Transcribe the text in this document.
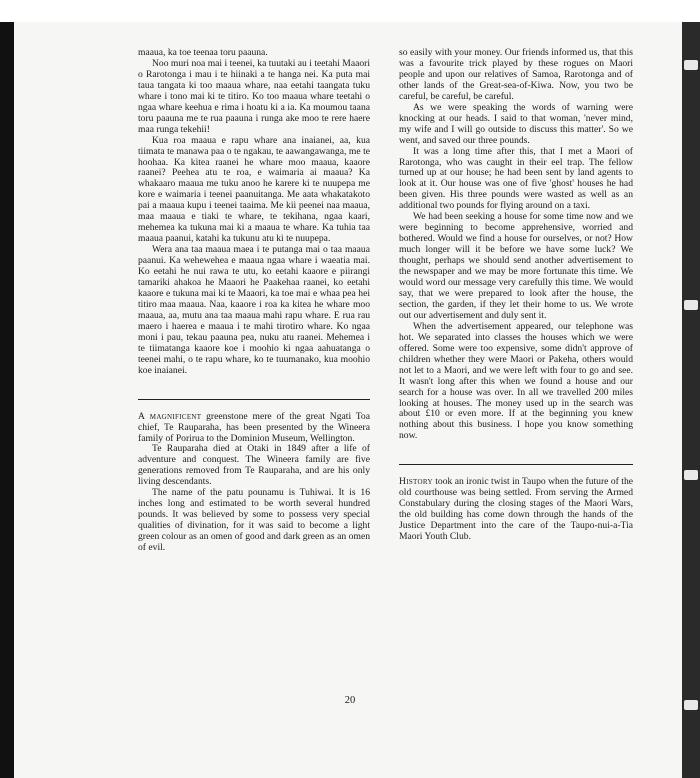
maaua, ka toe teenaa toru paauna.

Noo muri noa mai i teenei, ka tuutaki au i teetahi Maaori o Rarotonga i mau i te hiinaki a te hanga nei. Ka puta mai taua tangata ki too maaua whare, naa eetahi taangata tuku whare i tono mai ki te titiro. Ko too maaua whare teetahi o ngaa whare keehua e rima i hoatu ki a ia. Ka moumou taana toru paauna me te rua paauna i runga ake moo te rere haere maa runga tekehii!

Kua roa maaua e rapu whare ana inaianei, aa, kua tiimata te manawa paa o te ngakau, te aawangawanga, me te hoohaa. Ka kitea raanei he whare moo maaua, kaaore raanei? Peehea atu te roa, e waimaria ai maaua? Ka whakaaro maaua me tuku anoo he karere ki te nuupepa me kore e waimaria i teenei paanuitanga. Me aata whakatakoto pai a maaua kupu i teenei taaima. Me kii peenei naa maaua, maa maaua e tiaki te whare, te tekihana, ngaa kaari, mehemea ka tukuna mai ki a maaua te whare. Ka tuhia taa maaua paanui, katahi ka tukunu atu ki te nuupepa.

Wera ana taa maaua maea i te putanga mai o taa maaua paanui. Ka wehewehea e maaua ngaa whare i waeatia mai. Ko eetahi he nui rawa te utu, ko eetahi kaaore e piirangi tamariki ahakoa he Maaori he Paakehaa raanei, ko eetahi kaaore e tukuna mai ki te Maaori, ka toe mai e whaa pea hei titiro maa maaua. Naa, kaaore i roa ka kitea he whare moo maaua, aa, mutu ana taa maaua mahi rapu whare. E rua rau maero i haerea e maaua i te mahi tirotiro whare. Ko ngaa moni i pau, tekau paauna pea, nuku atu raanei. Mehemea i te tiimatanga kaaore koe i moohio ki ngaa aahuatanga o teenei mahi, o te rapu whare, ko te tuumanako, kua moohio koe inaianei.

A magnificent greenstone mere of the great Ngati Toa chief, Te Rauparaha, has been presented by the Wineera family of Porirua to the Dominion Museum, Wellington.

Te Rauparaha died at Otaki in 1849 after a life of adventure and conquest. The Wineera family are five generations removed from Te Rauparaha, and are his only living descendants.

The name of the patu pounamu is Tuhiwai. It is 16 inches long and estimated to be worth several hundred pounds. It was believed by some to possess very special qualities of divination, for it was said to become a light green colour as an omen of good and dark green as an omen of evil.

so easily with your money. Our friends informed us, that this was a favourite trick played by these rogues on Maori people and upon our relatives of Samoa, Rarotonga and of other lands of the Great-sea-of-Kiwa. Now, you two be careful, be careful, be careful.

As we were speaking the words of warning were knocking at our heads. I said to that woman, 'never mind, my wife and I will go outside to discuss this matter'. So we went, and saved our three pounds.

It was a long time after this, that I met a Maori of Rarotonga, who was caught in their eel trap. The fellow turned up at our house; he had been sent by land agents to look at it. Our house was one of five 'ghost' houses he had been given. His three pounds were wasted as well as an additional two pounds for flying around on a taxi.

We had been seeking a house for some time now and we were beginning to become apprehensive, worried and bothered. Would we find a house for ourselves, or not? How much longer will it be before we have some luck? We thought, perhaps we should send another advertisement to the newspaper and we may be more fortunate this time. We would word our message very carefully this time. We would say, that we were prepared to look after the house, the section, the garden, if they let their home to us. We wrote out our advertisement and duly sent it.

When the advertisement appeared, our telephone was hot. We separated into classes the houses which we were offered. Some were too expensive, some didn't approve of children whether they were Maori or Pakeha, others would not let to a Maori, and we were left with four to go and see. It wasn't long after this when we found a house and our search for a house was over. In all we travelled 200 miles looking at houses. The money used up in the search was about £10 or even more. If at the beginning you knew nothing about this business. I hope you know something now.

History took an ironic twist in Taupo when the future of the old courthouse was being settled. From serving the Armed Constabulary during the closing stages of the Maori Wars, the old building has come down through the hands of the Justice Department into the care of the Taupo-nui-a-Tia Maori Youth Club.

20
